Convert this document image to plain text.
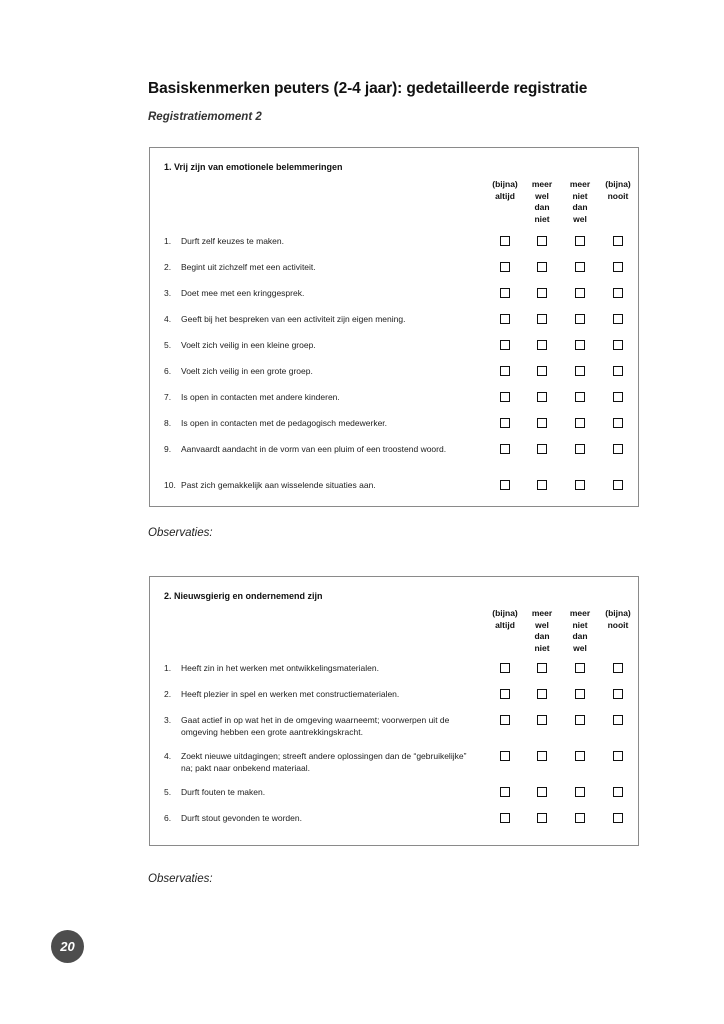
Basiskenmerken peuters (2-4 jaar): gedetailleerde registratie
Registratiemoment 2

1. Vrij zijn van emotionele belemmeringen

(bijna)
altijd
meer
wel
dan
niet
meer
niet
dan
wel
(bijna)
nooit
1. Durft zelf keuzes te maken.
2. Begint uit zichzelf met een activiteit.
3. Doet mee met een kringgesprek.
4. Geeft bij het bespreken van een activiteit zijn eigen mening.
5. Voelt zich veilig in een kleine groep.
6. Voelt zich veilig in een grote groep.
7. Is open in contacten met andere kinderen.
8. Is open in contacten met de pedagogisch medewerker.
9. Aanvaardt aandacht in de vorm van een pluim of een troostend woord.
10. Past zich gemakkelijk aan wisselende situaties aan.

Observaties:

2. Nieuwsgierig en ondernemend zijn

(bijna)
altijd
meer
wel
dan
niet
meer
niet
dan
wel
(bijna)
nooit
1. Heeft zin in het werken met ontwikkelingsmaterialen.
2. Heeft plezier in spel en werken met constructiematerialen.
3. Gaat actief in op wat het in de omgeving waarneemt; voorwerpen uit de omgeving hebben een grote aantrekkingskracht.
4. Zoekt nieuwe uitdagingen; streeft andere oplossingen dan de “gebruikelijke” na; pakt naar onbekend materiaal.
5. Durft fouten te maken.
6. Durft stout gevonden te worden.

Observaties:

20
